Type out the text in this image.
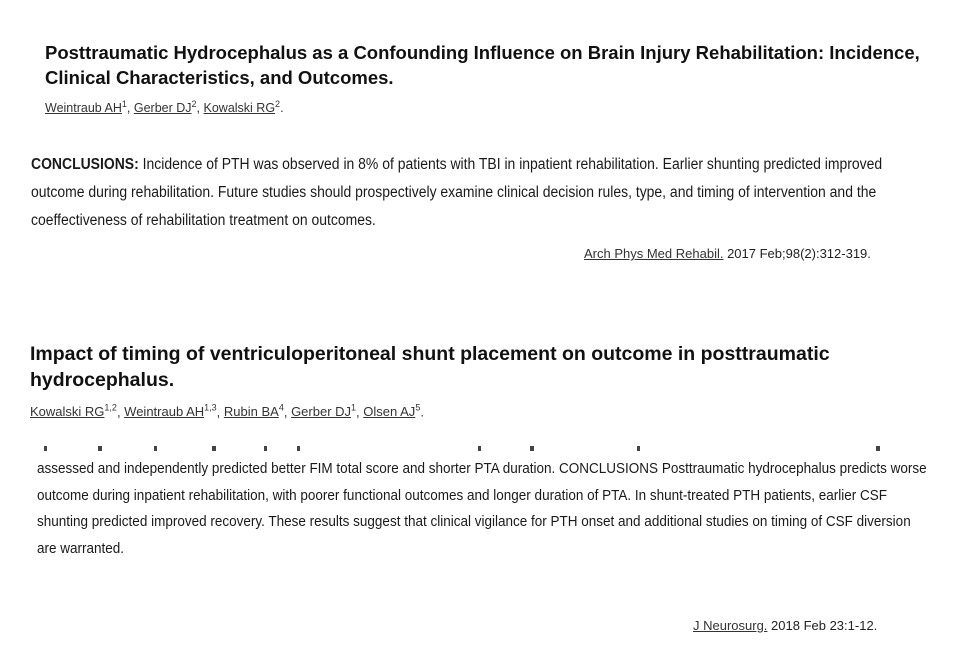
Posttraumatic Hydrocephalus as a Confounding Influence on Brain Injury Rehabilitation: Incidence, Clinical Characteristics, and Outcomes.
Weintraub $AH^1$, Gerber $DJ^2$, Kowalski $RG^2$.
CONCLUSIONS: Incidence of PTH was observed in 8% of patients with TBI in inpatient rehabilitation. Earlier shunting predicted improved outcome during rehabilitation. Future studies should prospectively examine clinical decision rules, type, and timing of intervention and the coeffectiveness of rehabilitation treatment on outcomes.
Arch Phys Med Rehabil. 2017 Feb;98(2):312-319.
Impact of timing of ventriculoperitoneal shunt placement on outcome in posttraumatic hydrocephalus.
Kowalski RG$^{1,2}$, Weintraub AH$^{1,3}$, Rubin $BA^4$, Gerber $DJ^1$, Olsen $AJ^5$.
assessed and independently predicted better FIM total score and shorter PTA duration. CONCLUSIONS Posttraumatic hydrocephalus predicts worse outcome during inpatient rehabilitation, with poorer functional outcomes and longer duration of PTA. In shunt-treated PTH patients, earlier CSF shunting predicted improved recovery. These results suggest that clinical vigilance for PTH onset and additional studies on timing of CSF diversion are warranted.
J Neurosurg. 2018 Feb 23:1-12.
